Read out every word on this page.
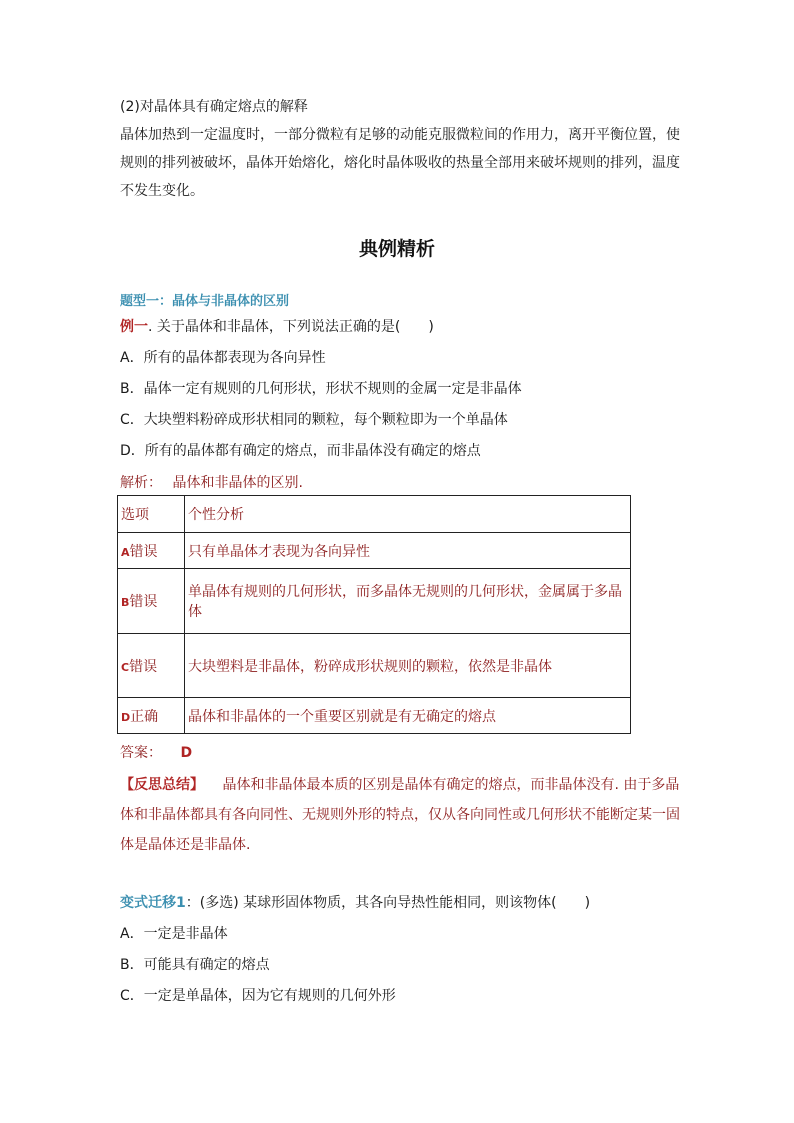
(2)对晶体具有确定熔点的解释
晶体加热到一定温度时，一部分微粒有足够的动能克服微粒间的作用力，离开平衡位置，使
规则的排列被破坏，晶体开始熔化，熔化时晶体吸收的热量全部用来破坏规则的排列，温度
不发生变化。
典例精析
题型一：晶体与非晶体的区别
例一. 关于晶体和非晶体，下列说法正确的是(　　)
A．所有的晶体都表现为各向异性
B．晶体一定有规则的几何形状，形状不规则的金属一定是非晶体
C．大块塑料粉碎成形状相同的颗粒，每个颗粒即为一个单晶体
D．所有的晶体都有确定的熔点，而非晶体没有确定的熔点
解析： 晶体和非晶体的区别.
选项	个性分析
A错误	只有单晶体才表现为各向异性
B错误	单晶体有规则的几何形状，而多晶体无规则的几何形状，金属属于多晶体
C错误	大块塑料是非晶体，粉碎成形状规则的颗粒，依然是非晶体
D正确	晶体和非晶体的一个重要区别就是有无确定的熔点
答案： D
【反思总结】 晶体和非晶体最本质的区别是晶体有确定的熔点，而非晶体没有. 由于多晶
体和非晶体都具有各向同性、无规则外形的特点，仅从各向同性或几何形状不能断定某一固
体是晶体还是非晶体.
变式迁移1：(多选) 某球形固体物质，其各向导热性能相同，则该物体(　　)
A．一定是非晶体
B．可能具有确定的熔点
C．一定是单晶体，因为它有规则的几何外形
